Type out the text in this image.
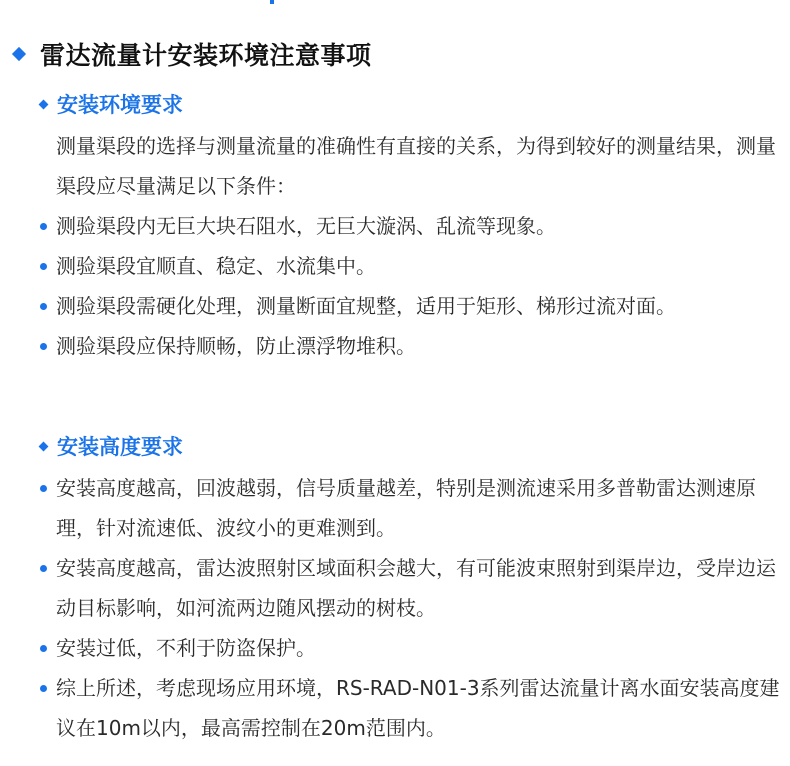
雷达流量计安装环境注意事项
安装环境要求
测量渠段的选择与测量流量的准确性有直接的关系，为得到较好的测量结果，测量渠段应尽量满足以下条件：
测验渠段内无巨大块石阻水，无巨大漩涡、乱流等现象。
测验渠段宜顺直、稳定、水流集中。
测验渠段需硬化处理，测量断面宜规整，适用于矩形、梯形过流对面。
测验渠段应保持顺畅，防止漂浮物堆积。
安装高度要求
安装高度越高，回波越弱，信号质量越差，特别是测流速采用多普勒雷达测速原理，针对流速低、波纹小的更难测到。
安装高度越高，雷达波照射区域面积会越大，有可能波束照射到渠岸边，受岸边运动目标影响，如河流两边随风摆动的树枝。
安装过低，不利于防盗保护。
综上所述，考虑现场应用环境，RS-RAD-N01-3系列雷达流量计离水面安装高度建议在10m以内，最高需控制在20m范围内。
